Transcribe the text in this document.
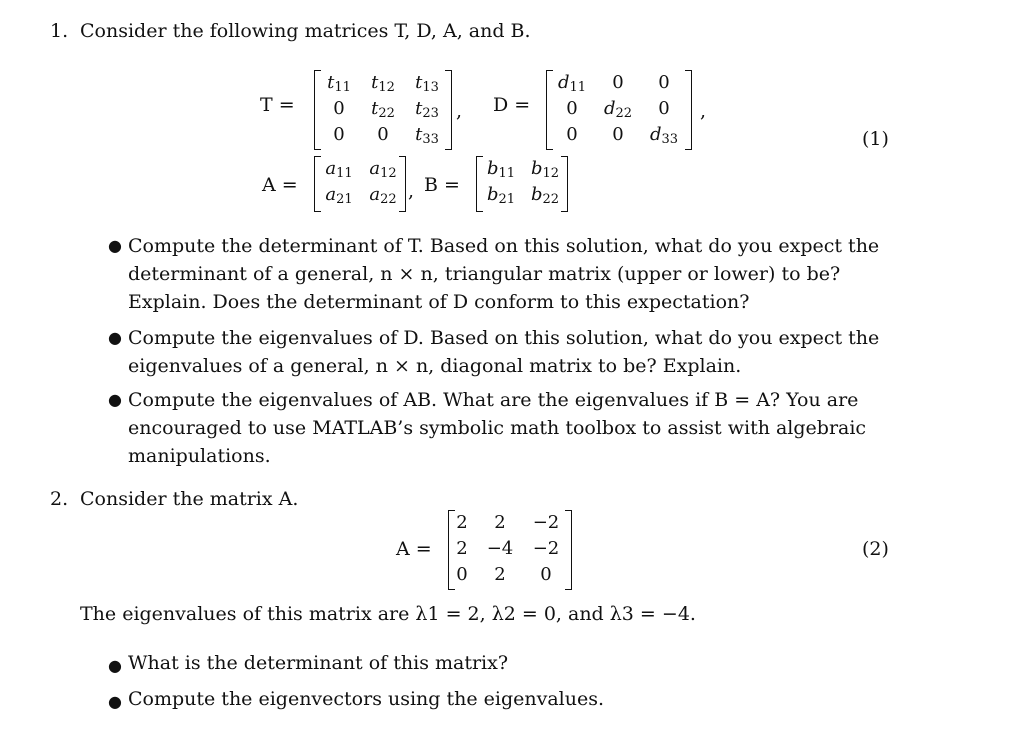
1. Consider the following matrices T, D, A, and B.
T =
$t_{11}$	$t_{12}$	$t_{13}$
0	$t_{22}$	$t_{23}$
0	0	$t_{33}$
, D =
$d_{11}$	0	0
0	$d_{22}$	0
0	0	$d_{33}$
,
(1)
A =
$a_{11}$ $a_{12}$
$a_{21}$ $a_{22}$ , B =
$b_{11}$ $b_{12}$
$b_{21}$ $b_{22}$
● Compute the determinant of T. Based on this solution, what do you expect the determinant of a general, n × n, triangular matrix (upper or lower) to be? Explain. Does the determinant of D conform to this expectation?
● Compute the eigenvalues of D. Based on this solution, what do you expect the eigenvalues of a general, n × n, diagonal matrix to be? Explain.
● Compute the eigenvalues of AB. What are the eigenvalues if B = A? You are encouraged to use MATLAB’s symbolic math toolbox to assist with algebraic manipulations.
2. Consider the matrix A.
A =
2	2	−2
2	−4	−2
0	2	0
(2)
The eigenvalues of this matrix are λ1 = 2, λ2 = 0, and λ3 = −4.
● What is the determinant of this matrix?
● Compute the eigenvectors using the eigenvalues.
